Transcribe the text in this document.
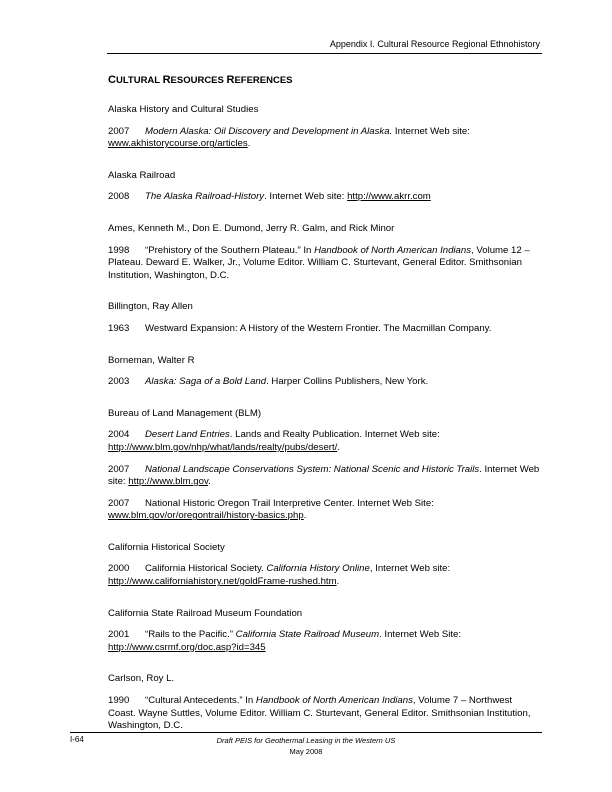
Appendix I. Cultural Resource Regional Ethnohistory
CULTURAL RESOURCES REFERENCES
Alaska History and Cultural Studies
2007 Modern Alaska: Oil Discovery and Development in Alaska. Internet Web site: www.akhistorycourse.org/articles.
Alaska Railroad
2008 The Alaska Railroad-History. Internet Web site: http://www.akrr.com
Ames, Kenneth M., Don E. Dumond, Jerry R. Galm, and Rick Minor
1998 “Prehistory of the Southern Plateau.” In Handbook of North American Indians, Volume 12 – Plateau. Deward E. Walker, Jr., Volume Editor. William C. Sturtevant, General Editor. Smithsonian Institution, Washington, D.C.
Billington, Ray Allen
1963 Westward Expansion: A History of the Western Frontier. The Macmillan Company.
Borneman, Walter R
2003 Alaska: Saga of a Bold Land. Harper Collins Publishers, New York.
Bureau of Land Management (BLM)
2004 Desert Land Entries. Lands and Realty Publication. Internet Web site: http://www.blm.gov/nhp/what/lands/realty/pubs/desert/.
2007 National Landscape Conservations System: National Scenic and Historic Trails. Internet Web site: http://www.blm.gov.
2007 National Historic Oregon Trail Interpretive Center. Internet Web Site: www.blm.gov/or/oregontrail/history-basics.php.
California Historical Society
2000 California Historical Society. California History Online, Internet Web site: http://www.californiahistory.net/goldFrame-rushed.htm.
California State Railroad Museum Foundation
2001 “Rails to the Pacific.” California State Railroad Museum. Internet Web Site: http://www.csrmf.org/doc.asp?id=345
Carlson, Roy L.
1990 “Cultural Antecedents.” In Handbook of North American Indians, Volume 7 – Northwest Coast. Wayne Suttles, Volume Editor. William C. Sturtevant, General Editor. Smithsonian Institution, Washington, D.C.
I-64	Draft PEIS for Geothermal Leasing in the Western US
May 2008
